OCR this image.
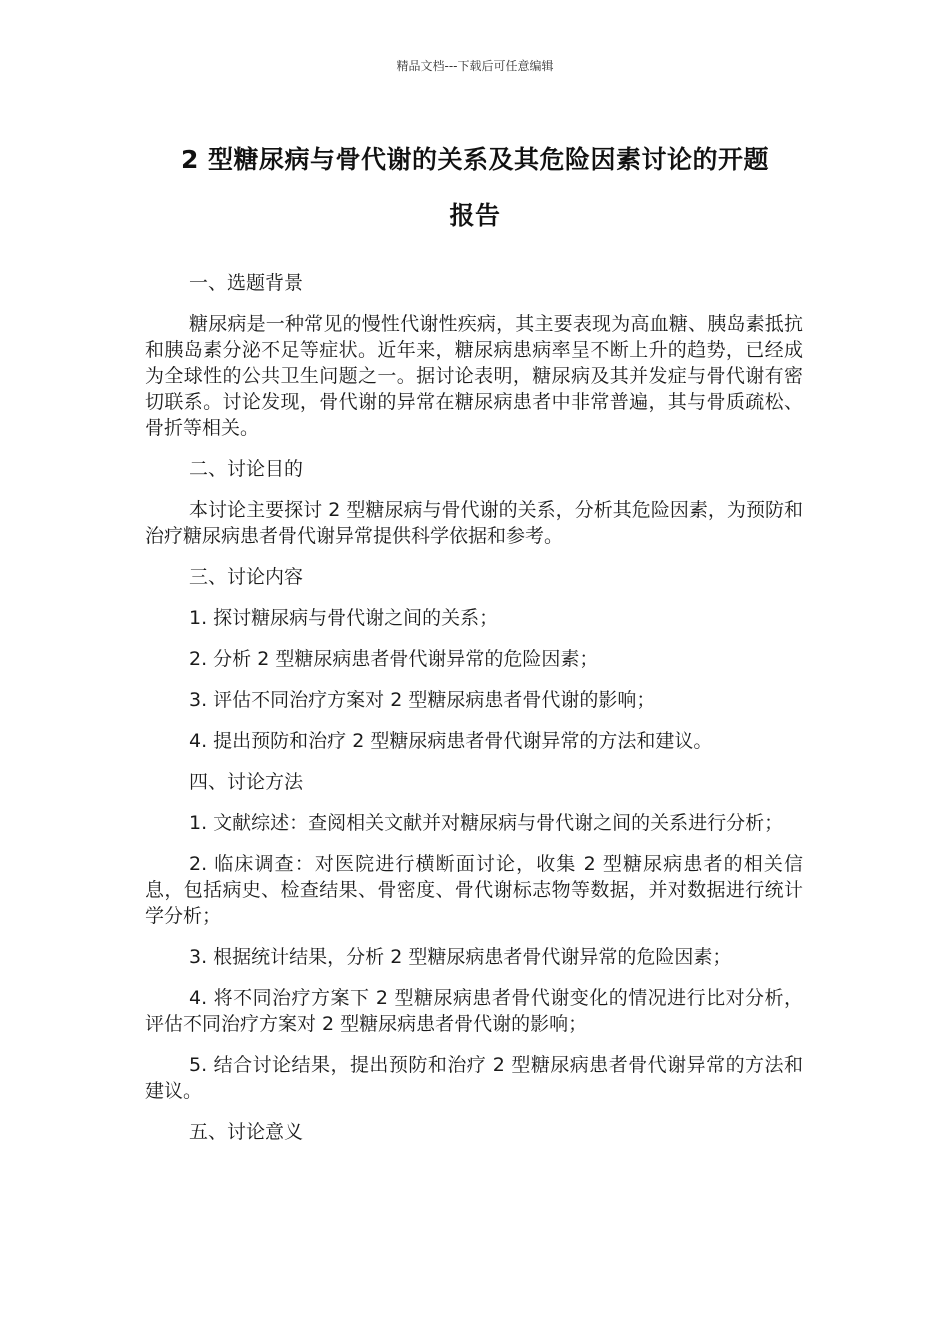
精品文档---下载后可任意编辑
2 型糖尿病与骨代谢的关系及其危险因素讨论的开题
报告

一、选题背景

糖尿病是一种常见的慢性代谢性疾病，其主要表现为高血糖、胰岛素抵抗和胰岛素分泌不足等症状。近年来，糖尿病患病率呈不断上升的趋势，已经成为全球性的公共卫生问题之一。据讨论表明，糖尿病及其并发症与骨代谢有密切联系。讨论发现，骨代谢的异常在糖尿病患者中非常普遍，其与骨质疏松、骨折等相关。

二、讨论目的

本讨论主要探讨 2 型糖尿病与骨代谢的关系，分析其危险因素，为预防和治疗糖尿病患者骨代谢异常提供科学依据和参考。

三、讨论内容

1. 探讨糖尿病与骨代谢之间的关系；

2. 分析 2 型糖尿病患者骨代谢异常的危险因素；

3. 评估不同治疗方案对 2 型糖尿病患者骨代谢的影响；

4. 提出预防和治疗 2 型糖尿病患者骨代谢异常的方法和建议。

四、讨论方法

1. 文献综述：查阅相关文献并对糖尿病与骨代谢之间的关系进行分析；

2. 临床调查：对医院进行横断面讨论，收集 2 型糖尿病患者的相关信息，包括病史、检查结果、骨密度、骨代谢标志物等数据，并对数据进行统计学分析；

3. 根据统计结果，分析 2 型糖尿病患者骨代谢异常的危险因素；

4. 将不同治疗方案下 2 型糖尿病患者骨代谢变化的情况进行比对分析，评估不同治疗方案对 2 型糖尿病患者骨代谢的影响；

5. 结合讨论结果，提出预防和治疗 2 型糖尿病患者骨代谢异常的方法和建议。

五、讨论意义
